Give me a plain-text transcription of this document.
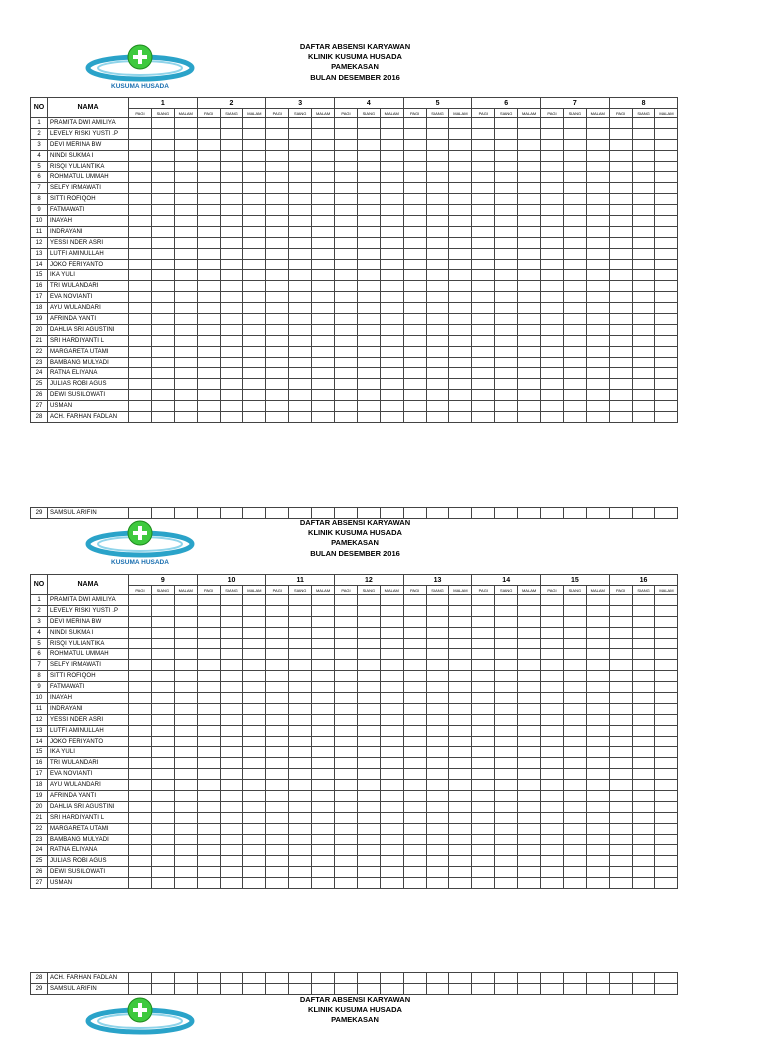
KUSUMA HUSADA
DAFTAR ABSENSI KARYAWAN
KLINIK KUSUMA HUSADA
PAMEKASAN
BULAN DESEMBER 2016
NO	NAMA	1			2			3			4			5			6			7			8		
		PAGI	SIANG	MALAM	PAGI	SIANG	MALAM	PAGI	SIANG	MALAM	PAGI	SIANG	MALAM	PAGI	SIANG	MALAM	PAGI	SIANG	MALAM	PAGI	SIANG	MALAM	PAGI	SIANG	MALAM
1	PRAMITA DWI AMILIYA																								
2	LEVELY RISKI YUSTI .P																								
3	DEVI MERINA BW																								
4	NINDI SUKMA I																								
5	RISQI YULIANTIKA																								
6	ROHMATUL UMMAH																								
7	SELFY IRMAWATI																								
8	SITTI ROFIQOH																								
9	FATMAWATI																								
10	INAYAH																								
11	INDRAYANI																								
12	YESSI NDER ASRI																								
13	LUTFI AMINULLAH																								
14	JOKO FERIYANTO																								
15	IKA YULI																								
16	TRI WULANDARI																								
17	EVA NOVIANTI																								
18	AYU WULANDARI																								
19	AFRINDA YANTI																								
20	DAHLIA SRI AGUSTINI																								
21	SRI HARDIYANTI L																								
22	MARGARETA UTAMI																								
23	BAMBANG MULYADI																								
24	RATNA ELIYANA																								
25	JULIAS ROBI AGUS																								
26	DEWI SUSILOWATI																								
27	USMAN																								
28	ACH. FARHAN FADLAN																								
29	SAMSUL ARIFIN																								
KUSUMA HUSADA
DAFTAR ABSENSI KARYAWAN
KLINIK KUSUMA HUSADA
PAMEKASAN
BULAN DESEMBER 2016
NO	NAMA	9			10			11			12			13			14			15			16		
		PAGI	SIANG	MALAM	PAGI	SIANG	MALAM	PAGI	SIANG	MALAM	PAGI	SIANG	MALAM	PAGI	SIANG	MALAM	PAGI	SIANG	MALAM	PAGI	SIANG	MALAM	PAGI	SIANG	MALAM
1	PRAMITA DWI AMILIYA																								
2	LEVELY RISKI YUSTI .P																								
3	DEVI MERINA BW																								
4	NINDI SUKMA I																								
5	RISQI YULIANTIKA																								
6	ROHMATUL UMMAH																								
7	SELFY IRMAWATI																								
8	SITTI ROFIQOH																								
9	FATMAWATI																								
10	INAYAH																								
11	INDRAYANI																								
12	YESSI NDER ASRI																								
13	LUTFI AMINULLAH																								
14	JOKO FERIYANTO																								
15	IKA YULI																								
16	TRI WULANDARI																								
17	EVA NOVIANTI																								
18	AYU WULANDARI																								
19	AFRINDA YANTI																								
20	DAHLIA SRI AGUSTINI																								
21	SRI HARDIYANTI L																								
22	MARGARETA UTAMI																								
23	BAMBANG MULYADI																								
24	RATNA ELIYANA																								
25	JULIAS ROBI AGUS																								
26	DEWI SUSILOWATI																								
27	USMAN																								
28	ACH. FARHAN FADLAN																								
29	SAMSUL ARIFIN																								
DAFTAR ABSENSI KARYAWAN
KLINIK KUSUMA HUSADA
PAMEKASAN
